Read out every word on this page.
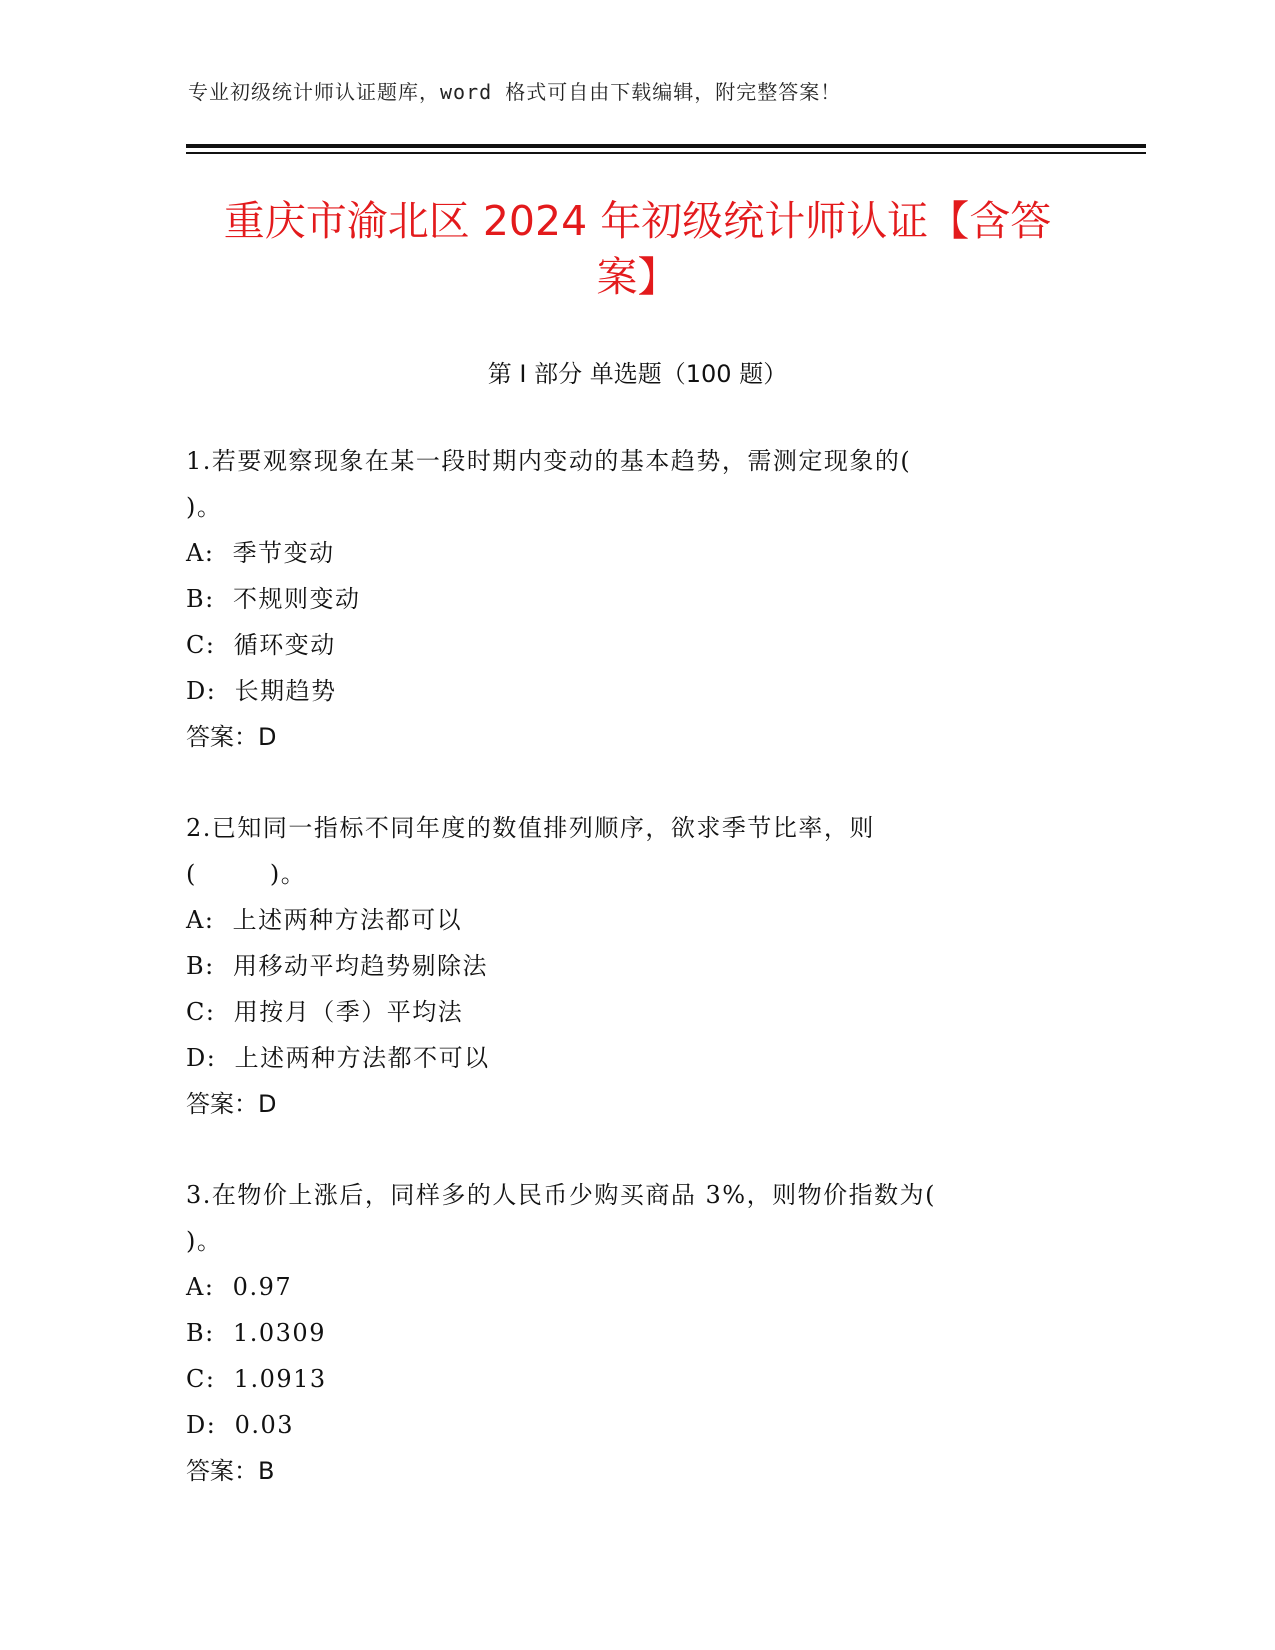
专业初级统计师认证题库，word 格式可自由下载编辑，附完整答案！
重庆市渝北区 2024 年初级统计师认证【含答
案】
第 I 部分 单选题（100 题）

1.若要观察现象在某一段时期内变动的基本趋势，需测定现象的(

)。

A:  季节变动

B:  不规则变动

C:  循环变动

D:  长期趋势

答案：D

2.已知同一指标不同年度的数值排列顺序，欲求季节比率，则

(        )。

A:  上述两种方法都可以

B:  用移动平均趋势剔除法

C:  用按月（季）平均法

D:  上述两种方法都不可以

答案：D

3.在物价上涨后，同样多的人民币少购买商品 3%，则物价指数为(

)。

A:  0.97

B:  1.0309

C:  1.0913

D:  0.03

答案：B
